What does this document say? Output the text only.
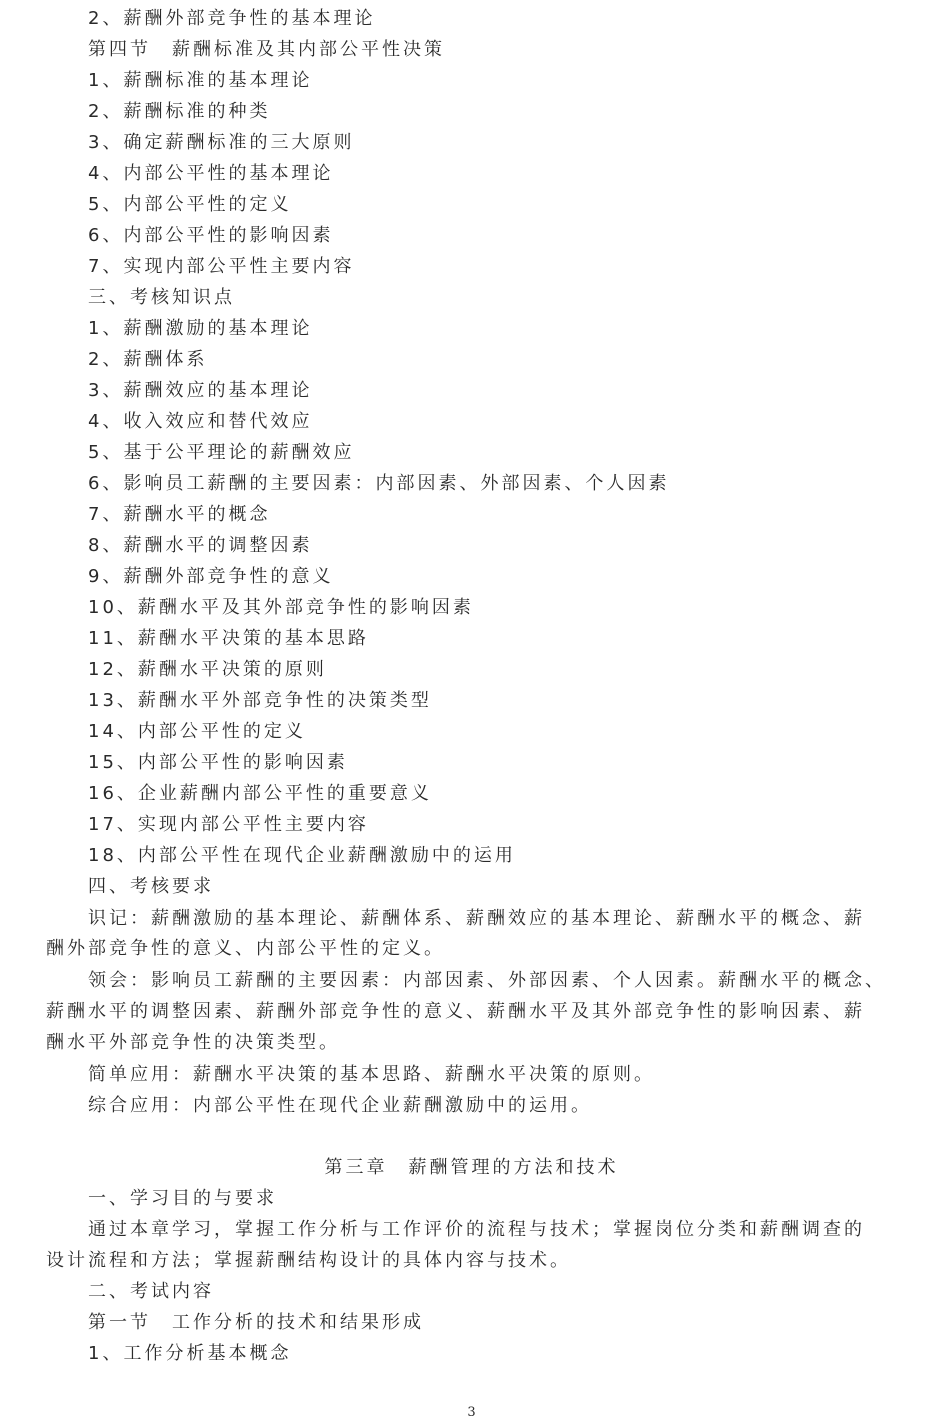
2、薪酬外部竞争性的基本理论
第四节　薪酬标准及其内部公平性决策
1、薪酬标准的基本理论
2、薪酬标准的种类
3、确定薪酬标准的三大原则
4、内部公平性的基本理论
5、内部公平性的定义
6、内部公平性的影响因素
7、实现内部公平性主要内容
三、考核知识点
1、薪酬激励的基本理论
2、薪酬体系
3、薪酬效应的基本理论
4、收入效应和替代效应
5、基于公平理论的薪酬效应
6、影响员工薪酬的主要因素：内部因素、外部因素、个人因素
7、薪酬水平的概念
8、薪酬水平的调整因素
9、薪酬外部竞争性的意义
10、薪酬水平及其外部竞争性的影响因素
11、薪酬水平决策的基本思路
12、薪酬水平决策的原则
13、薪酬水平外部竞争性的决策类型
14、内部公平性的定义
15、内部公平性的影响因素
16、企业薪酬内部公平性的重要意义
17、实现内部公平性主要内容
18、内部公平性在现代企业薪酬激励中的运用
四、考核要求
识记：薪酬激励的基本理论、薪酬体系、薪酬效应的基本理论、薪酬水平的概念、薪
酬外部竞争性的意义、内部公平性的定义。
领会：影响员工薪酬的主要因素：内部因素、外部因素、个人因素。薪酬水平的概念、
薪酬水平的调整因素、薪酬外部竞争性的意义、薪酬水平及其外部竞争性的影响因素、薪
酬水平外部竞争性的决策类型。
简单应用：薪酬水平决策的基本思路、薪酬水平决策的原则。
综合应用：内部公平性在现代企业薪酬激励中的运用。
第三章　薪酬管理的方法和技术
一、学习目的与要求
通过本章学习，掌握工作分析与工作评价的流程与技术；掌握岗位分类和薪酬调查的
设计流程和方法；掌握薪酬结构设计的具体内容与技术。
二、考试内容
第一节　工作分析的技术和结果形成
1、工作分析基本概念
3
